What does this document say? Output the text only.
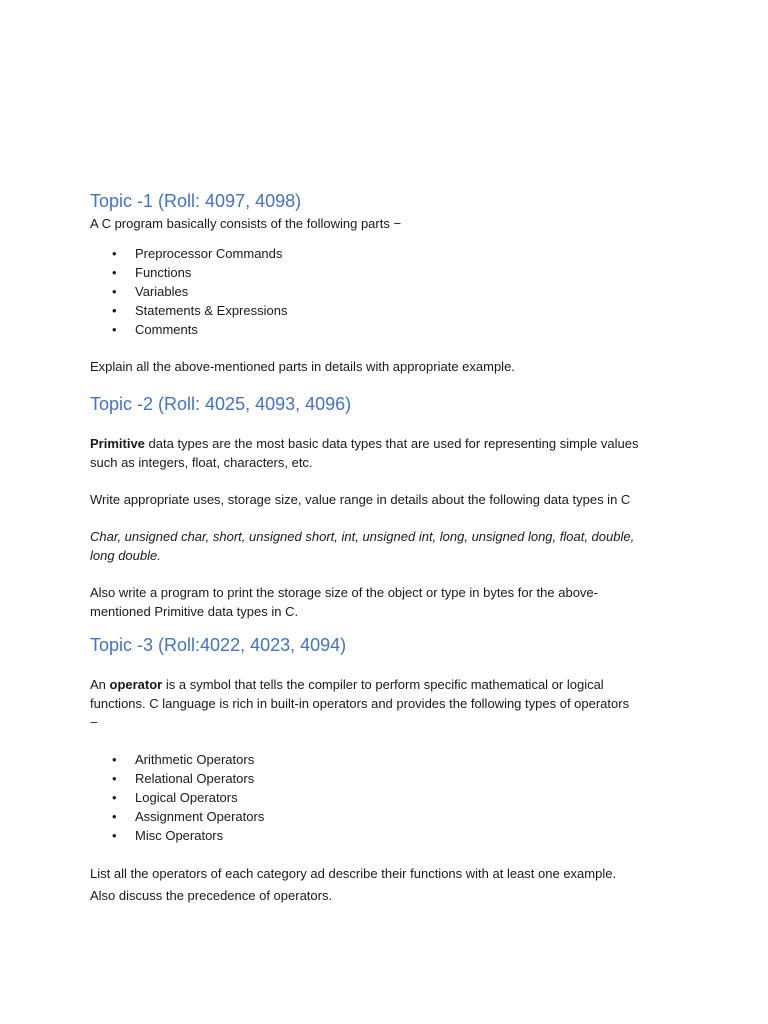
Topic -1 (Roll: 4097, 4098)

A C program basically consists of the following parts −

• Preprocessor Commands
• Functions
• Variables
• Statements & Expressions
• Comments

Explain all the above-mentioned parts in details with appropriate example.

Topic -2 (Roll: 4025, 4093, 4096)

Primitive data types are the most basic data types that are used for representing simple values
such as integers, float, characters, etc.

Write appropriate uses, storage size, value range in details about the following data types in C

Char, unsigned char, short, unsigned short, int, unsigned int, long, unsigned long, float, double,
long double.

Also write a program to print the storage size of the object or type in bytes for the above-
mentioned Primitive data types in C.

Topic -3 (Roll:4022, 4023, 4094)

An operator is a symbol that tells the compiler to perform specific mathematical or logical
functions. C language is rich in built-in operators and provides the following types of operators
−

• Arithmetic Operators
• Relational Operators
• Logical Operators
• Assignment Operators
• Misc Operators

List all the operators of each category ad describe their functions with at least one example.
Also discuss the precedence of operators.
